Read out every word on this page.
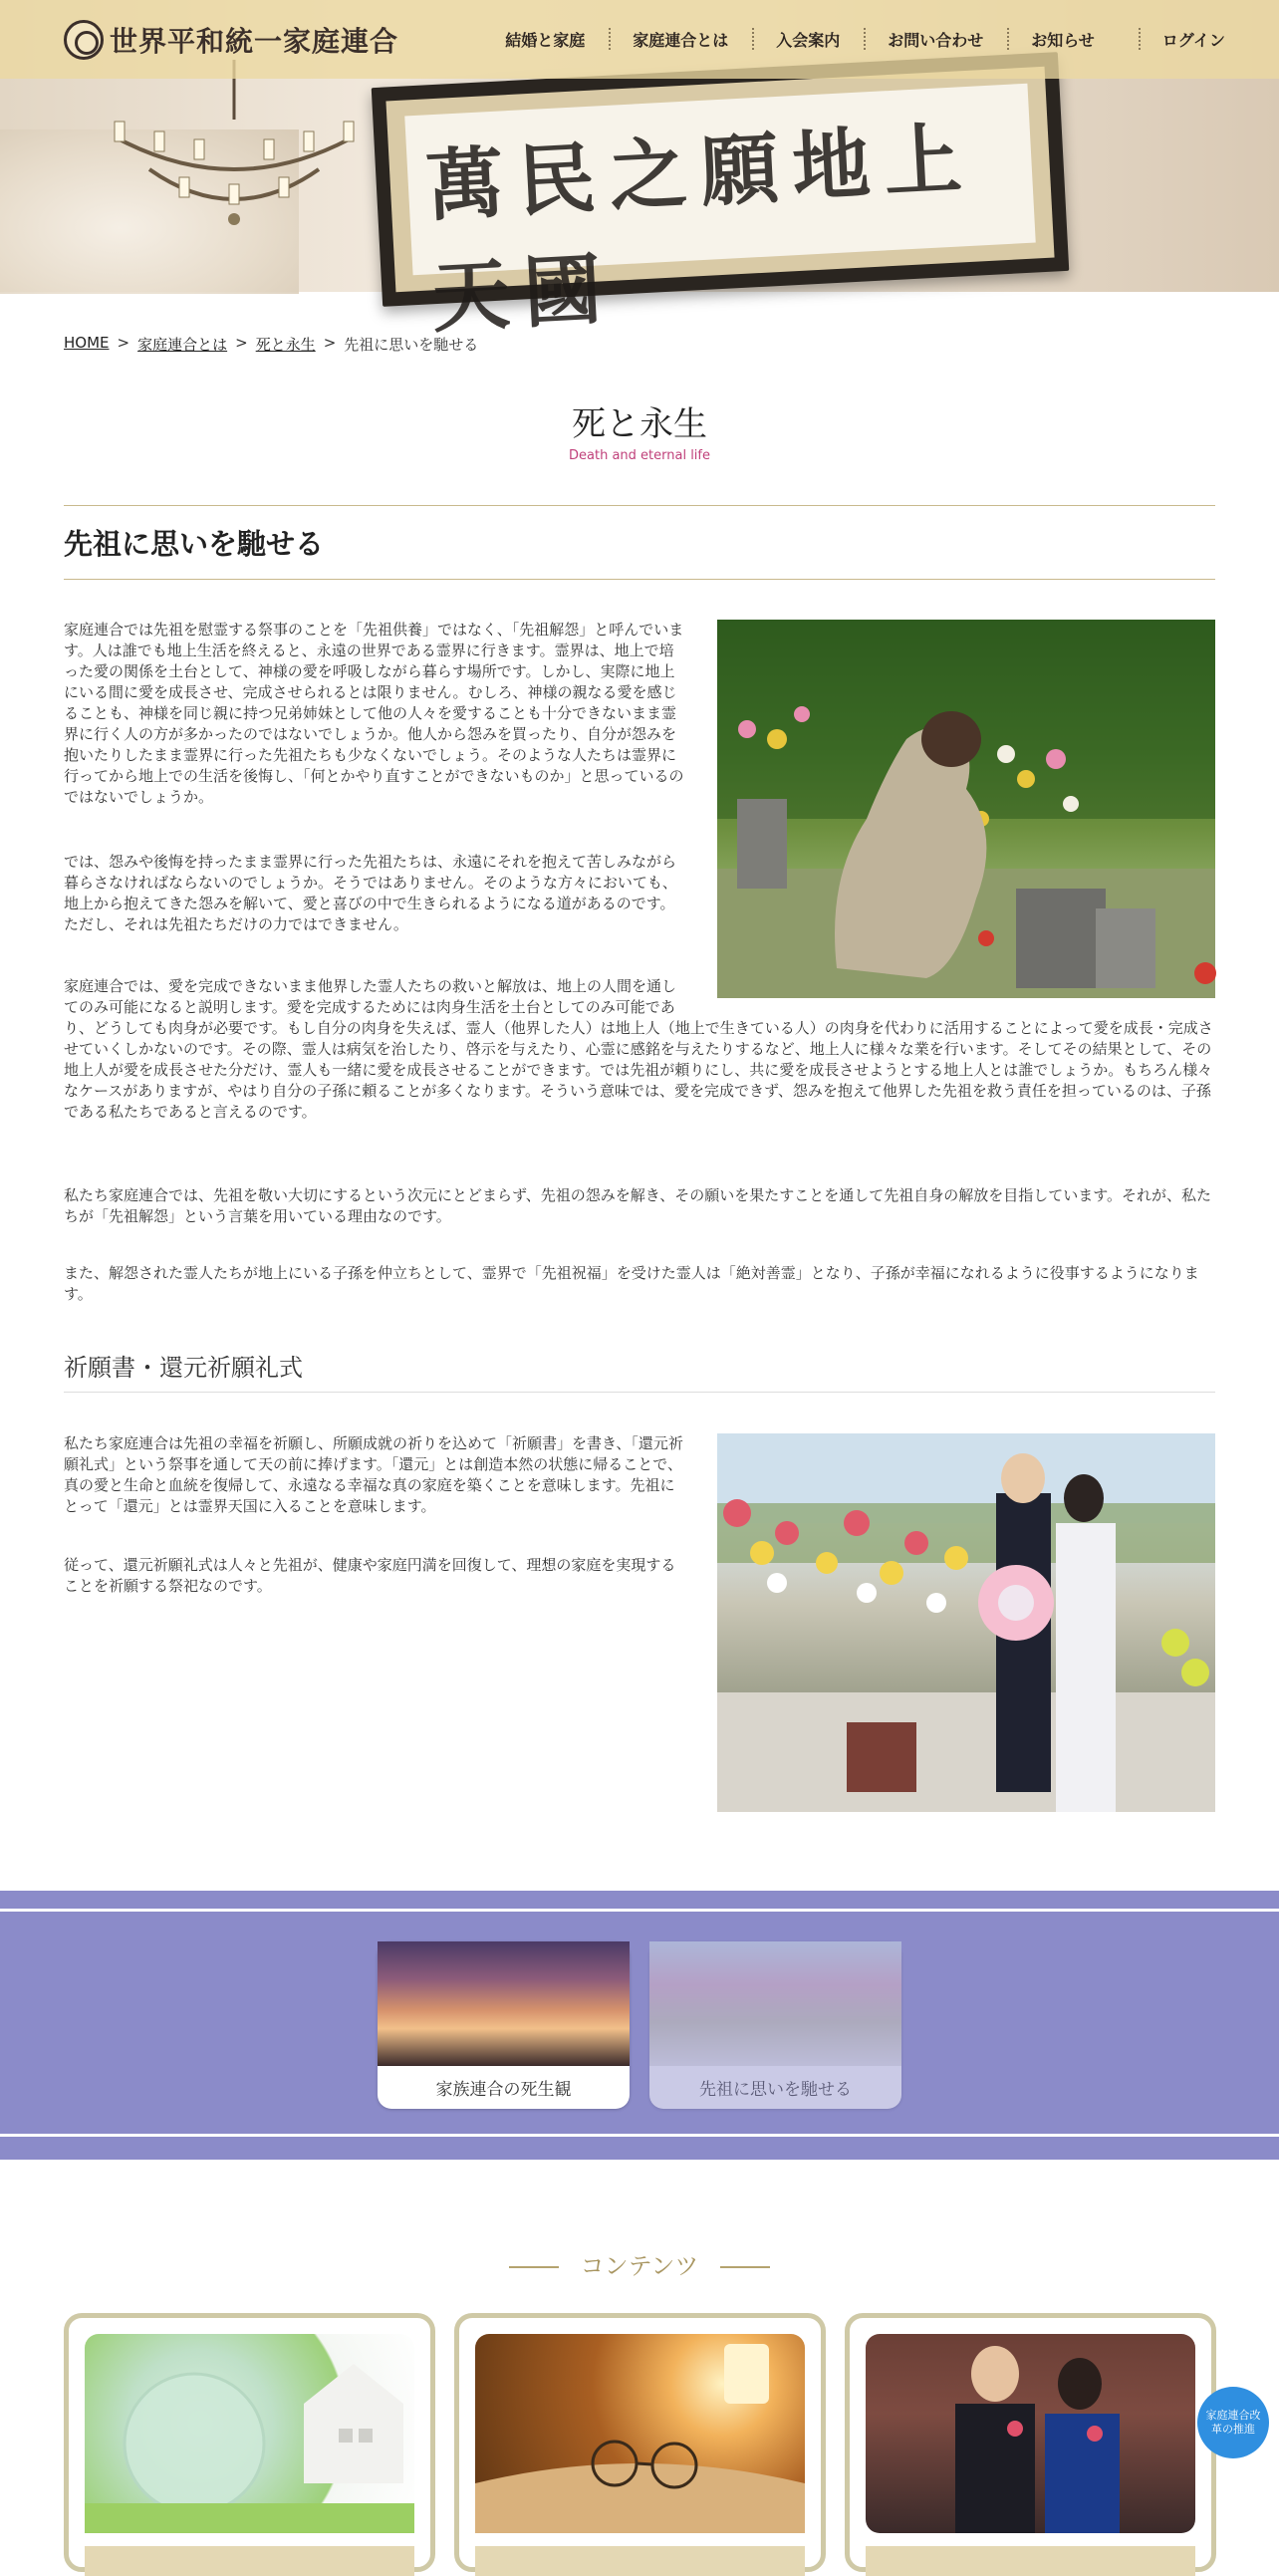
萬民之願地上天國
世界平和統一家庭連合	結婚と家庭	家庭連合とは	入会案内	お問い合わせ	お知らせ	ログイン
HOME > 家庭連合とは > 死と永生 > 先祖に思いを馳せる
死と永生
Death and eternal life
先祖に思いを馳せる
家庭連合では先祖を慰霊する祭事のことを「先祖供養」ではなく、「先祖解怨」と呼んでいます。人は誰でも地上生活を終えると、永遠の世界である霊界に行きます。霊界は、地上で培った愛の関係を土台として、神様の愛を呼吸しながら暮らす場所です。しかし、実際に地上にいる間に愛を成長させ、完成させられるとは限りません。むしろ、神様の親なる愛を感じることも、神様を同じ親に持つ兄弟姉妹として他の人々を愛することも十分できないまま霊界に行く人の方が多かったのではないでしょうか。他人から怨みを買ったり、自分が怨みを抱いたりしたまま霊界に行った先祖たちも少なくないでしょう。そのような人たちは霊界に行ってから地上での生活を後悔し、「何とかやり直すことができないものか」と思っているのではないでしょうか。
では、怨みや後悔を持ったまま霊界に行った先祖たちは、永遠にそれを抱えて苦しみながら暮らさなければならないのでしょうか。そうではありません。そのような方々においても、地上から抱えてきた怨みを解いて、愛と喜びの中で生きられるようになる道があるのです。ただし、それは先祖たちだけの力ではできません。
家庭連合では、愛を完成できないまま他界した霊人たちの救いと解放は、地上の人間を通してのみ可能になると説明します。愛を完成するためには肉身生活を土台としてのみ可能であり、どうしても肉身が必要です。もし自分の肉身を失えば、霊人（他界した人）は地上人（地上で生きている人）の肉身を代わりに活用することによって愛を成長・完成させていくしかないのです。その際、霊人は病気を治したり、啓示を与えたり、心霊に感銘を与えたりするなど、地上人に様々な業を行います。そしてその結果として、その地上人が愛を成長させた分だけ、霊人も一緒に愛を成長させることができます。では先祖が頼りにし、共に愛を成長させようとする地上人とは誰でしょうか。もちろん様々なケースがありますが、やはり自分の子孫に頼ることが多くなります。そういう意味では、愛を完成できず、怨みを抱えて他界した先祖を救う責任を担っているのは、子孫である私たちであると言えるのです。
私たち家庭連合では、先祖を敬い大切にするという次元にとどまらず、先祖の怨みを解き、その願いを果たすことを通して先祖自身の解放を目指しています。それが、私たちが「先祖解怨」という言葉を用いている理由なのです。
また、解怨された霊人たちが地上にいる子孫を仲立ちとして、霊界で「先祖祝福」を受けた霊人は「絶対善霊」となり、子孫が幸福になれるように役事するようになります。
祈願書・還元祈願礼式
私たち家庭連合は先祖の幸福を祈願し、所願成就の祈りを込めて「祈願書」を書き、「還元祈願礼式」という祭事を通して天の前に捧げます。「還元」とは創造本然の状態に帰ることで、真の愛と生命と血統を復帰して、永遠なる幸福な真の家庭を築くことを意味します。先祖にとって「還元」とは霊界天国に入ることを意味します。
従って、還元祈願礼式は人々と先祖が、健康や家庭円満を回復して、理想の家庭を実現することを祈願する祭祀なのです。
家族連合の死生観	先祖に思いを馳せる
コンテンツ
家庭連合改革の推進
